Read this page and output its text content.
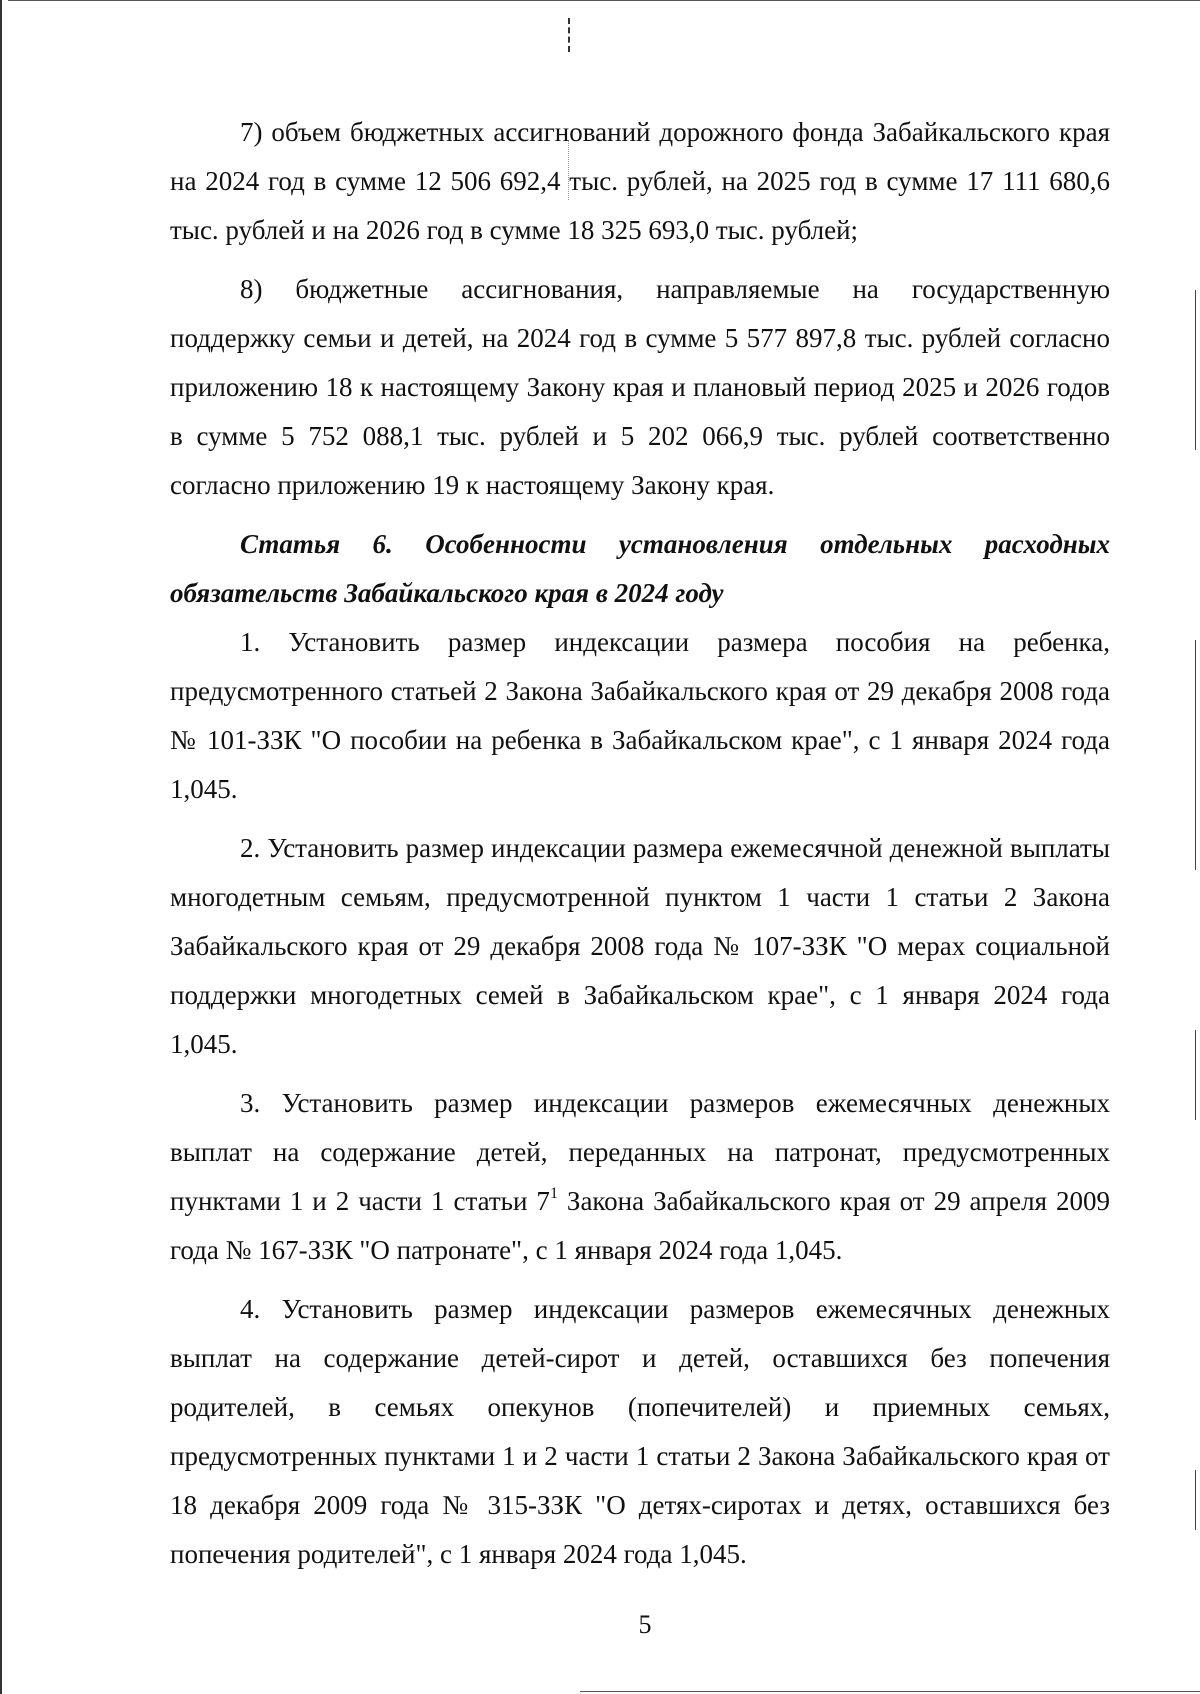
7) объем бюджетных ассигнований дорожного фонда Забайкальского края на 2024 год в сумме 12 506 692,4 тыс. рублей, на 2025 год в сумме 17 111 680,6 тыс. рублей и на 2026 год в сумме 18 325 693,0 тыс. рублей;

8) бюджетные ассигнования, направляемые на государственную поддержку семьи и детей, на 2024 год в сумме 5 577 897,8 тыс. рублей согласно приложению 18 к настоящему Закону края и плановый период 2025 и 2026 годов в сумме 5 752 088,1 тыс. рублей и 5 202 066,9 тыс. рублей соответственно согласно приложению 19 к настоящему Закону края.

Статья 6. Особенности установления отдельных расходных обязательств Забайкальского края в 2024 году

1. Установить размер индексации размера пособия на ребенка, предусмотренного статьей 2 Закона Забайкальского края от 29 декабря 2008 года № 101-ЗЗК "О пособии на ребенка в Забайкальском крае", с 1 января 2024 года 1,045.

2. Установить размер индексации размера ежемесячной денежной выплаты многодетным семьям, предусмотренной пунктом 1 части 1 статьи 2 Закона Забайкальского края от 29 декабря 2008 года № 107-ЗЗК "О мерах социальной поддержки многодетных семей в Забайкальском крае", с 1 января 2024 года 1,045.

3. Установить размер индексации размеров ежемесячных денежных выплат на содержание детей, переданных на патронат, предусмотренных пунктами 1 и 2 части 1 статьи $7^1$ Закона Забайкальского края от 29 апреля 2009 года № 167-ЗЗК "О патронате", с 1 января 2024 года 1,045.

4. Установить размер индексации размеров ежемесячных денежных выплат на содержание детей-сирот и детей, оставшихся без попечения родителей, в семьях опекунов (попечителей) и приемных семьях, предусмотренных пунктами 1 и 2 части 1 статьи 2 Закона Забайкальского края от 18 декабря 2009 года № 315-ЗЗК "О детях-сиротах и детях, оставшихся без попечения родителей", с 1 января 2024 года 1,045.

5
